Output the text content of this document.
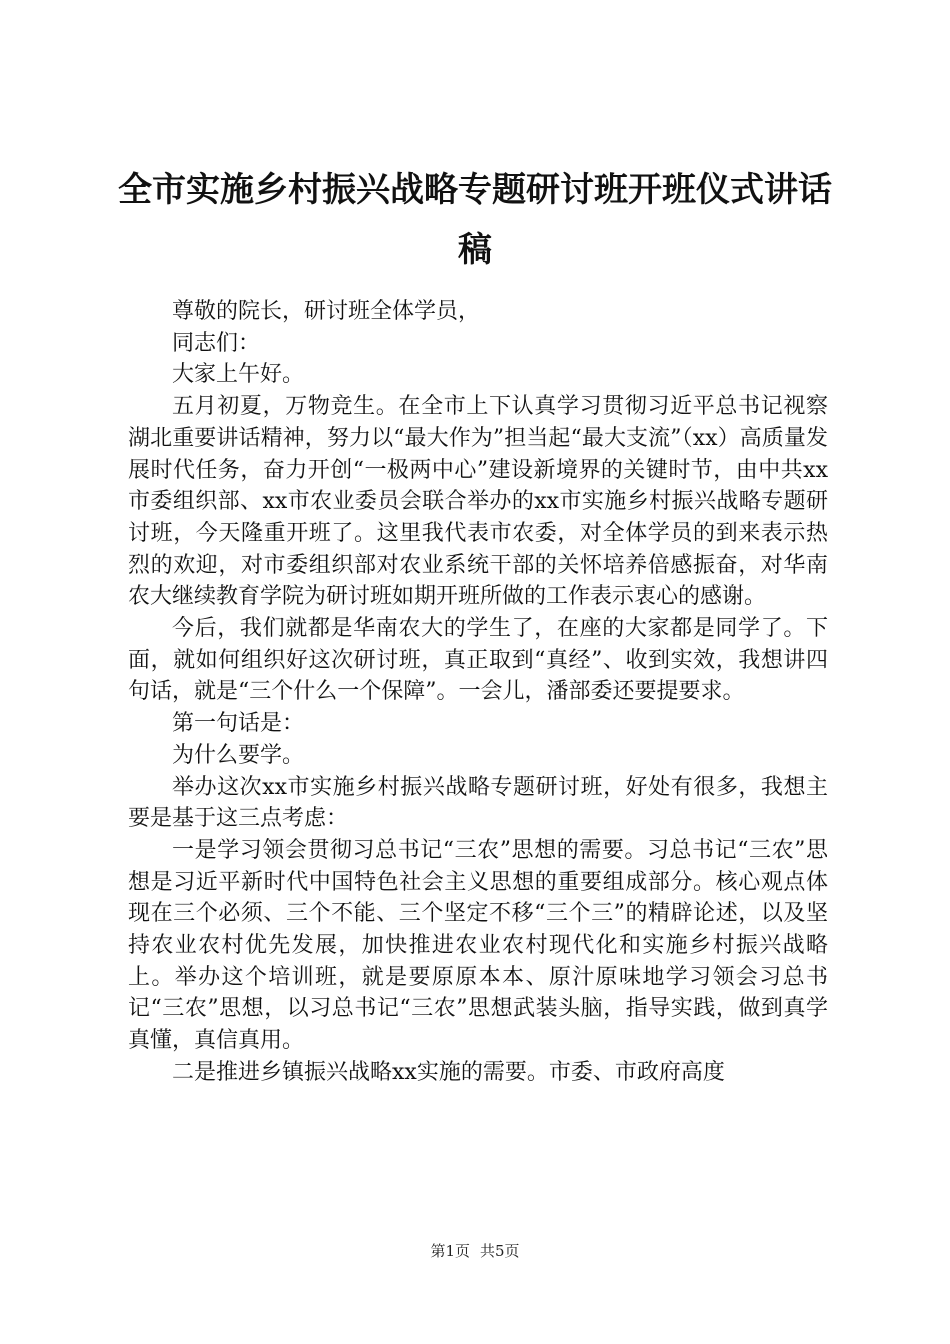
全市实施乡村振兴战略专题研讨班开班仪式讲话稿

尊敬的院长，研讨班全体学员，

同志们：

大家上午好。

五月初夏，万物竞生。在全市上下认真学习贯彻习近平总书记视察湖北重要讲话精神，努力以“最大作为”担当起“最大支流”（xx）高质量发展时代任务，奋力开创“一极两中心”建设新境界的关键时节，由中共xx市委组织部、xx市农业委员会联合举办的xx市实施乡村振兴战略专题研讨班，今天隆重开班了。这里我代表市农委，对全体学员的到来表示热烈的欢迎，对市委组织部对农业系统干部的关怀培养倍感振奋，对华南农大继续教育学院为研讨班如期开班所做的工作表示衷心的感谢。

今后，我们就都是华南农大的学生了，在座的大家都是同学了。下面，就如何组织好这次研讨班，真正取到“真经”、收到实效，我想讲四句话，就是“三个什么一个保障”。一会儿，潘部委还要提要求。

第一句话是：

为什么要学。

举办这次xx市实施乡村振兴战略专题研讨班，好处有很多，我想主要是基于这三点考虑：

一是学习领会贯彻习总书记“三农”思想的需要。习总书记“三农”思想是习近平新时代中国特色社会主义思想的重要组成部分。核心观点体现在三个必须、三个不能、三个坚定不移“三个三”的精辟论述，以及坚持农业农村优先发展，加快推进农业农村现代化和实施乡村振兴战略上。举办这个培训班，就是要原原本本、原汁原味地学习领会习总书记“三农”思想，以习总书记“三农”思想武装头脑，指导实践，做到真学真懂，真信真用。

二是推进乡镇振兴战略xx实施的需要。市委、市政府高度

第1页 共5页
